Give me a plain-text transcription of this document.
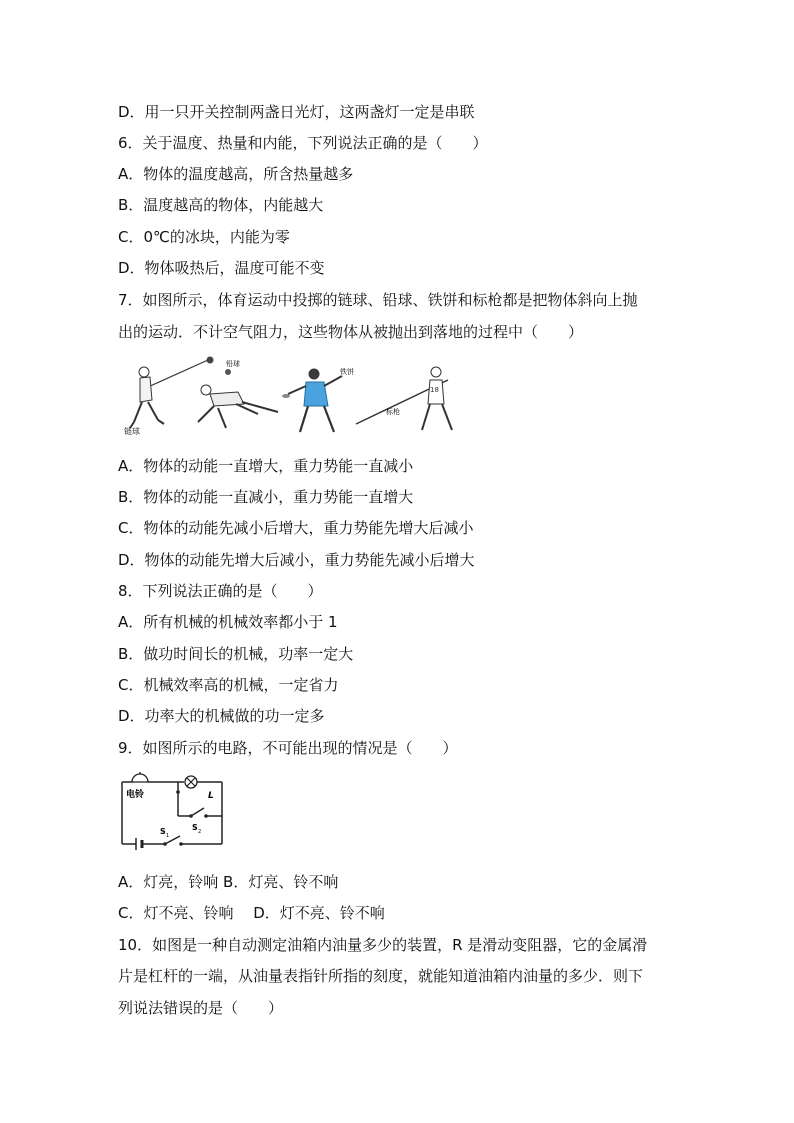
D．用一只开关控制两盏日光灯，这两盏灯一定是串联
6．关于温度、热量和内能，下列说法正确的是（　　）
A．物体的温度越高，所含热量越多
B．温度越高的物体，内能越大
C．0℃的冰块，内能为零
D．物体吸热后，温度可能不变
7．如图所示，体育运动中投掷的链球、铅球、铁饼和标枪都是把物体斜向上抛
出的运动．不计空气阻力，这些物体从被抛出到落地的过程中（　　）
链球
铅球
铁饼
18
标枪
A．物体的动能一直增大，重力势能一直减小
B．物体的动能一直减小，重力势能一直增大
C．物体的动能先减小后增大，重力势能先增大后减小
D．物体的动能先增大后减小，重力势能先减小后增大
8．下列说法正确的是（　　）
A．所有机械的机械效率都小于 1
B．做功时间长的机械，功率一定大
C．机械效率高的机械，一定省力
D．功率大的机械做的功一定多
9．如图所示的电路，不可能出现的情况是（　　）
S 1
电铃	L
S 2
A．灯亮，铃响 B．灯亮、铃不响
C．灯不亮、铃响　 D．灯不亮、铃不响
10．如图是一种自动测定油箱内油量多少的装置，R 是滑动变阻器，它的金属滑
片是杠杆的一端，从油量表指针所指的刻度，就能知道油箱内油量的多少．则下
列说法错误的是（　　）
